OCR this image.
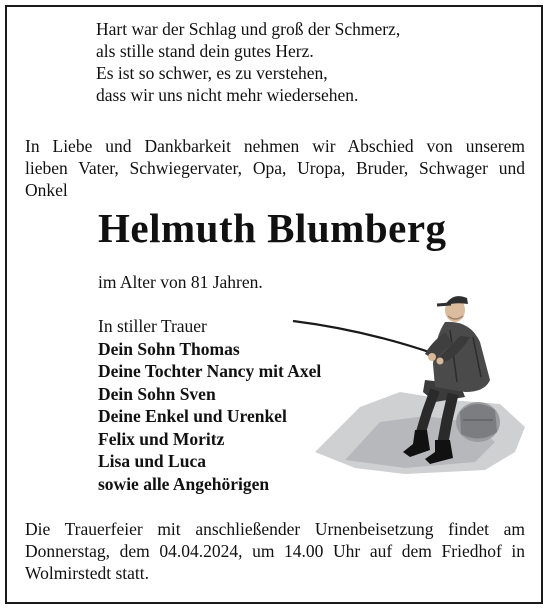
Hart war der Schlag und groß der Schmerz,
als stille stand dein gutes Herz.
Es ist so schwer, es zu verstehen,
dass wir uns nicht mehr wiedersehen.
In Liebe und Dankbarkeit nehmen wir Abschied von unserem
lieben Vater, Schwiegervater, Opa, Uropa, Bruder, Schwager und
Onkel
Helmuth Blumberg
im Alter von 81 Jahren.
In stiller Trauer
Dein Sohn Thomas
Deine Tochter Nancy mit Axel
Dein Sohn Sven
Deine Enkel und Urenkel
Felix und Moritz
Lisa und Luca
sowie alle Angehörigen
Die Trauerfeier mit anschließender Urnenbeisetzung findet am
Donnerstag, dem 04.04.2024, um 14.00 Uhr auf dem Friedhof in
Wolmirstedt statt.
